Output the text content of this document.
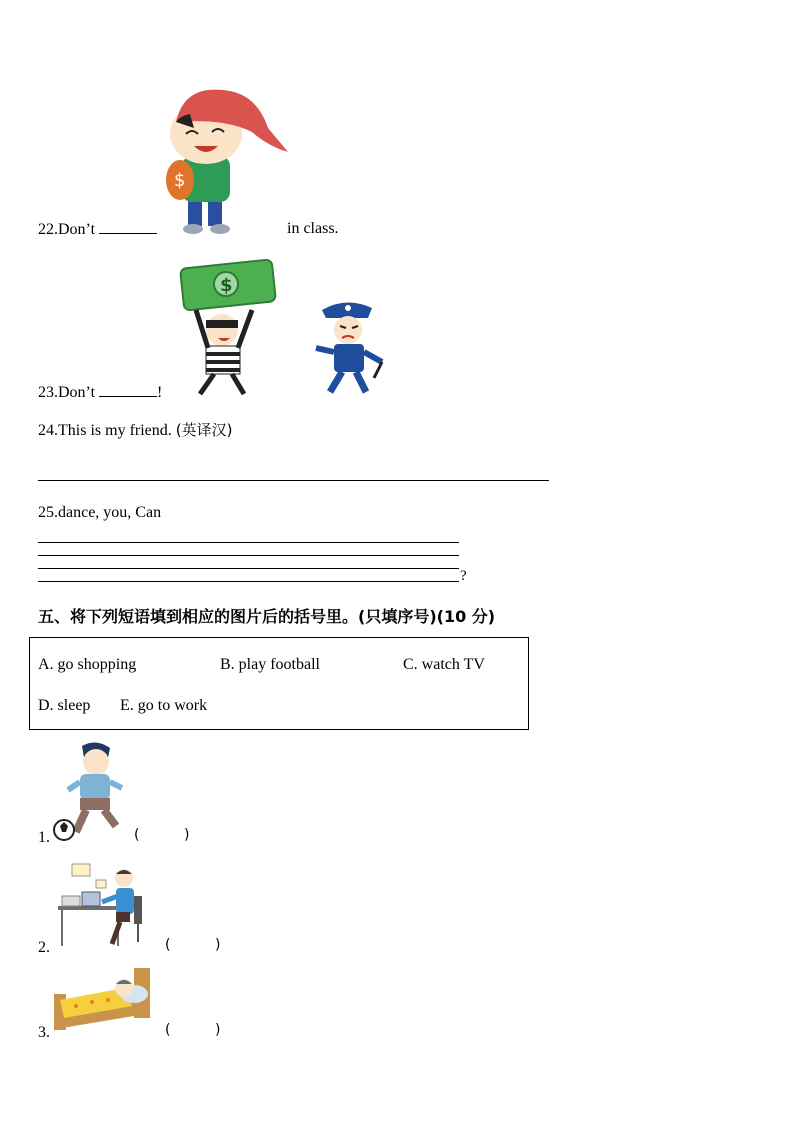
$
22.Don’t	in class.
$
23.Don’t	!
24.This is my friend. (英译汉)
25.dance, you, Can
?
五、将下列短语填到相应的图片后的括号里。(只填序号)(10 分)
A. go shopping	B. play football	C. watch TV
D. sleep E. go to work
1.	(          )
2.	(          )
3.	(          )
